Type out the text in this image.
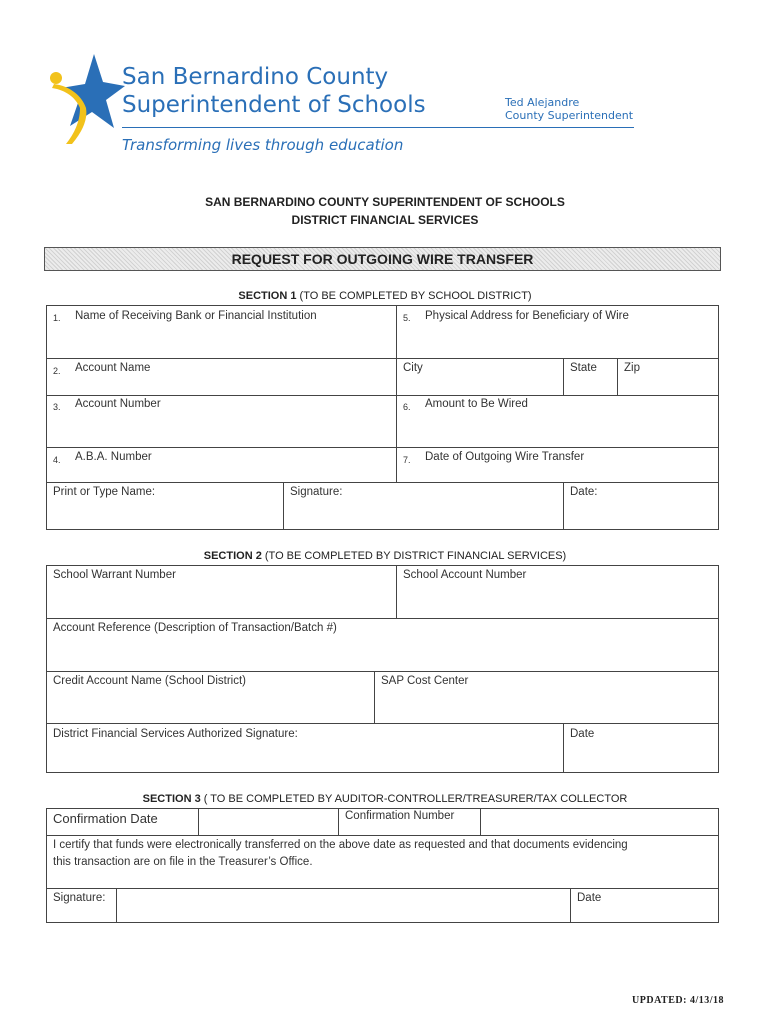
San Bernardino County
Superintendent of Schools	Ted Alejandre
County Superintendent
Transforming lives through education
SAN BERNARDINO COUNTY SUPERINTENDENT OF SCHOOLS
DISTRICT FINANCIAL SERVICES
REQUEST FOR OUTGOING WIRE TRANSFER
SECTION 1 (TO BE COMPLETED BY SCHOOL DISTRICT)
1. Name of Receiving Bank or Financial Institution	5. Physical Address for Beneficiary of Wire
2. Account Name	City	State Zip
3. Account Number	6. Amount to Be Wired
4. A.B.A. Number	7. Date of Outgoing Wire Transfer
Print or Type Name:	Signature:	Date:
SECTION 2 (TO BE COMPLETED BY DISTRICT FINANCIAL SERVICES)
School Warrant Number	School Account Number
Account Reference (Description of Transaction/Batch #)
Credit Account Name (School District)	SAP Cost Center
District Financial Services Authorized Signature:	Date
SECTION 3 ( TO BE COMPLETED BY AUDITOR-CONTROLLER/TREASURER/TAX COLLECTOR
Confirmation Date	Confirmation Number
I certify that funds were electronically transferred on the above date as requested and that documents evidencing
this transaction are on file in the Treasurer’s Office.
Signature:	Date
UPDATED: 4/13/18
